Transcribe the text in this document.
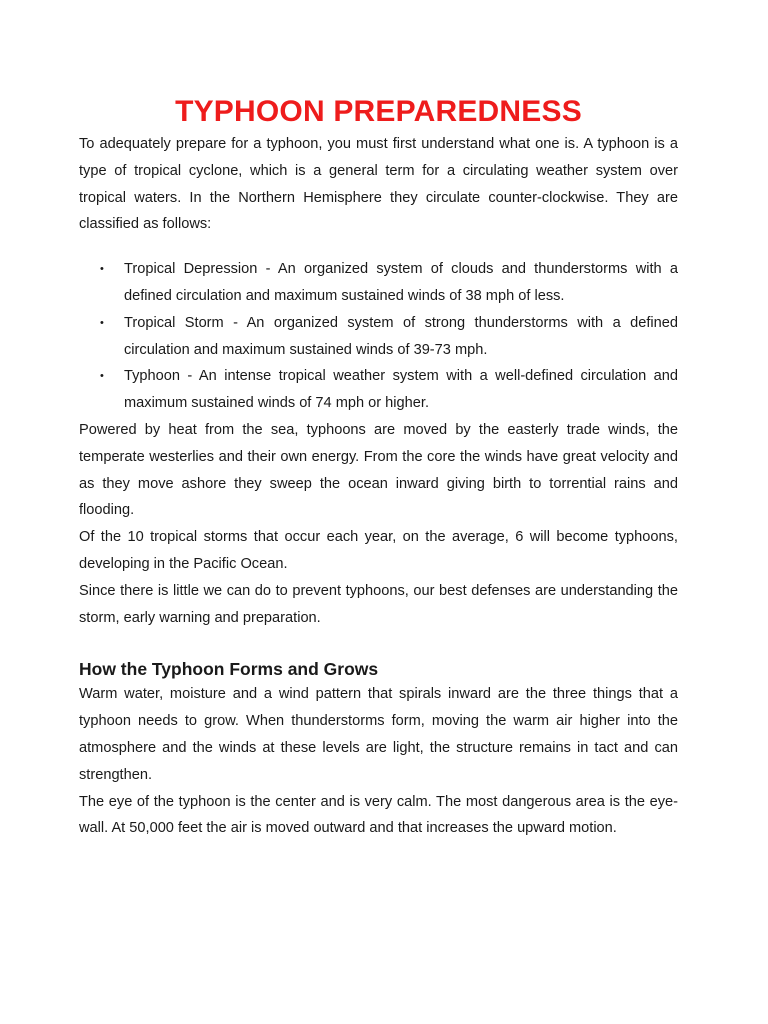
TYPHOON PREPAREDNESS

To adequately prepare for a typhoon, you must first understand what one is. A typhoon is a type of tropical cyclone, which is a general term for a circulating weather system over tropical waters. In the Northern Hemisphere they circulate counter-clockwise. They are classified as follows:

• Tropical Depression - An organized system of clouds and thunderstorms with a defined circulation and maximum sustained winds of 38 mph of less.
• Tropical Storm - An organized system of strong thunderstorms with a defined circulation and maximum sustained winds of 39-73 mph.
• Typhoon - An intense tropical weather system with a well-defined circulation and maximum sustained winds of 74 mph or higher.

Powered by heat from the sea, typhoons are moved by the easterly trade winds, the temperate westerlies and their own energy. From the core the winds have great velocity and as they move ashore they sweep the ocean inward giving birth to torrential rains and flooding.

Of the 10 tropical storms that occur each year, on the average, 6 will become typhoons, developing in the Pacific Ocean.

Since there is little we can do to prevent typhoons, our best defenses are understanding the storm, early warning and preparation.

How the Typhoon Forms and Grows

Warm water, moisture and a wind pattern that spirals inward are the three things that a typhoon needs to grow. When thunderstorms form, moving the warm air higher into the atmosphere and the winds at these levels are light, the structure remains in tact and can strengthen.

The eye of the typhoon is the center and is very calm. The most dangerous area is the eye-wall. At 50,000 feet the air is moved outward and that increases the upward motion.
